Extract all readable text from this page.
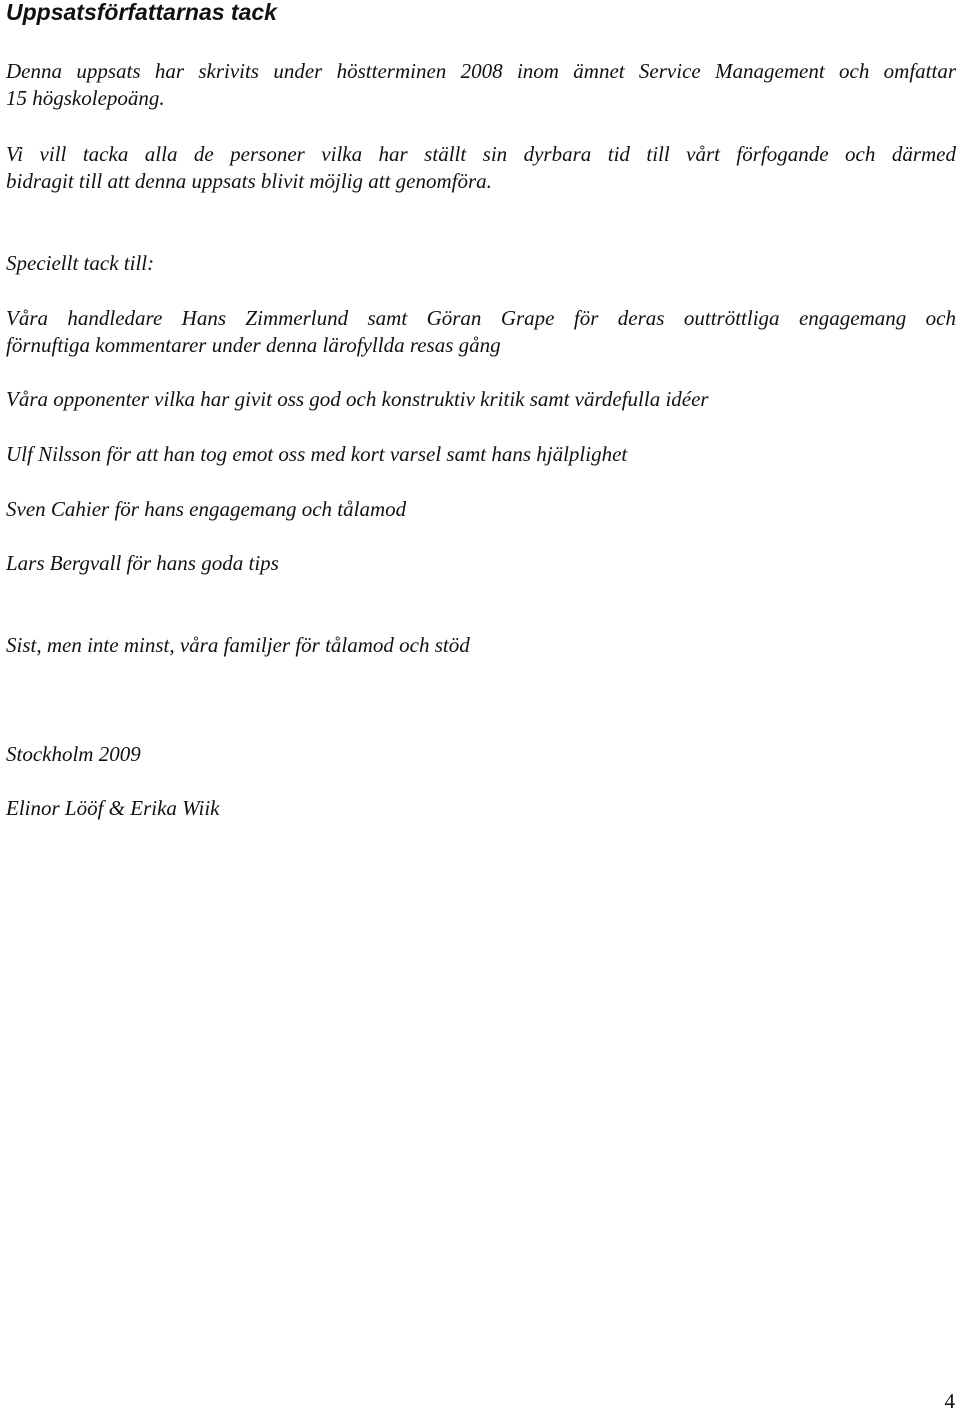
Uppsatsförfattarnas tack

Denna uppsats har skrivits under höstterminen 2008 inom ämnet Service Management och omfattar

15 högskolepoäng.

Vi vill tacka alla de personer vilka har ställt sin dyrbara tid till vårt förfogande och därmed

bidragit till att denna uppsats blivit möjlig att genomföra.

Speciellt tack till:

Våra handledare Hans Zimmerlund samt Göran Grape för deras outtröttliga engagemang och

förnuftiga kommentarer under denna lärofyllda resas gång

Våra opponenter vilka har givit oss god och konstruktiv kritik samt värdefulla idéer

Ulf Nilsson för att han tog emot oss med kort varsel samt hans hjälplighet

Sven Cahier för hans engagemang och tålamod

Lars Bergvall för hans goda tips

Sist, men inte minst, våra familjer för tålamod och stöd

Stockholm 2009

Elinor Lööf & Erika Wiik

4
